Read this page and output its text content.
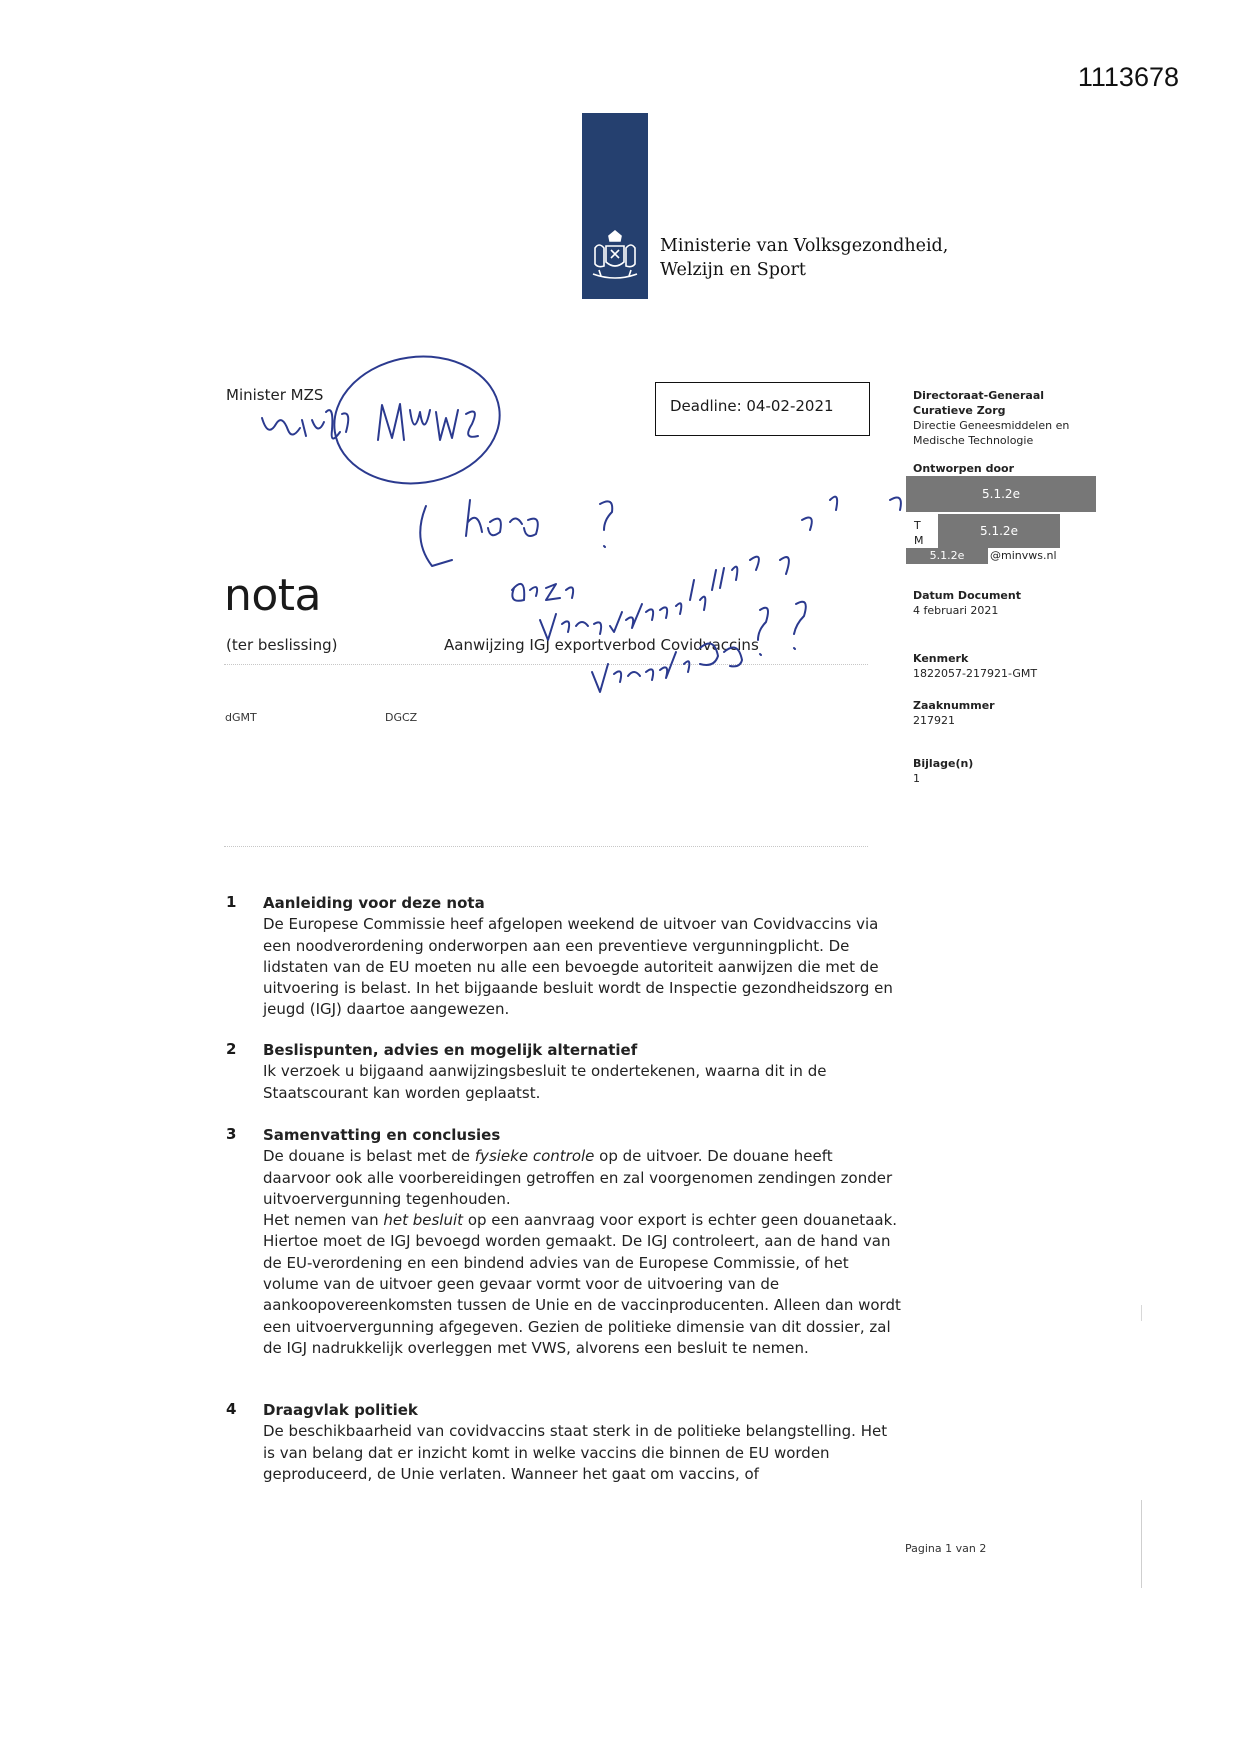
1113678
Ministerie van Volksgezondheid,
Welzijn en Sport
Minister MZS
Deadline: 04-02-2021
nota
(ter beslissing)	Aanwijzing IGJ exportverbod Covidvaccins
dGMT	DGCZ
Directoraat-Generaal
Curatieve Zorg
Directie Geneesmiddelen en
Medische Technologie
Ontworpen door
5.1.2e
T
M
5.1.2e
5.1.2e	@minvws.nl
Datum Document
4 februari 2021
Kenmerk
1822057-217921-GMT
Zaaknummer
217921
Bijlage(n)
1
1 Aanleiding voor deze nota

De Europese Commissie heef afgelopen weekend de uitvoer van Covidvaccins via een noodverordening onderworpen aan een preventieve vergunningplicht. De lidstaten van de EU moeten nu alle een bevoegde autoriteit aanwijzen die met de uitvoering is belast. In het bijgaande besluit wordt de Inspectie gezondheidszorg en jeugd (IGJ) daartoe aangewezen.

2 Beslispunten, advies en mogelijk alternatief

Ik verzoek u bijgaand aanwijzingsbesluit te ondertekenen, waarna dit in de Staatscourant kan worden geplaatst.

3 Samenvatting en conclusies

De douane is belast met de fysieke controle op de uitvoer. De douane heeft daarvoor ook alle voorbereidingen getroffen en zal voorgenomen zendingen zonder uitvoervergunning tegenhouden.

Het nemen van het besluit op een aanvraag voor export is echter geen douanetaak. Hiertoe moet de IGJ bevoegd worden gemaakt. De IGJ controleert, aan de hand van de EU-verordening en een bindend advies van de Europese Commissie, of het volume van de uitvoer geen gevaar vormt voor de uitvoering van de aankoopovereenkomsten tussen de Unie en de vaccinproducenten. Alleen dan wordt een uitvoervergunning afgegeven. Gezien de politieke dimensie van dit dossier, zal de IGJ nadrukkelijk overleggen met VWS, alvorens een besluit te nemen.

4 Draagvlak politiek

De beschikbaarheid van covidvaccins staat sterk in de politieke belangstelling. Het is van belang dat er inzicht komt in welke vaccins die binnen de EU worden geproduceerd, de Unie verlaten. Wanneer het gaat om vaccins, of

Pagina 1 van 2
